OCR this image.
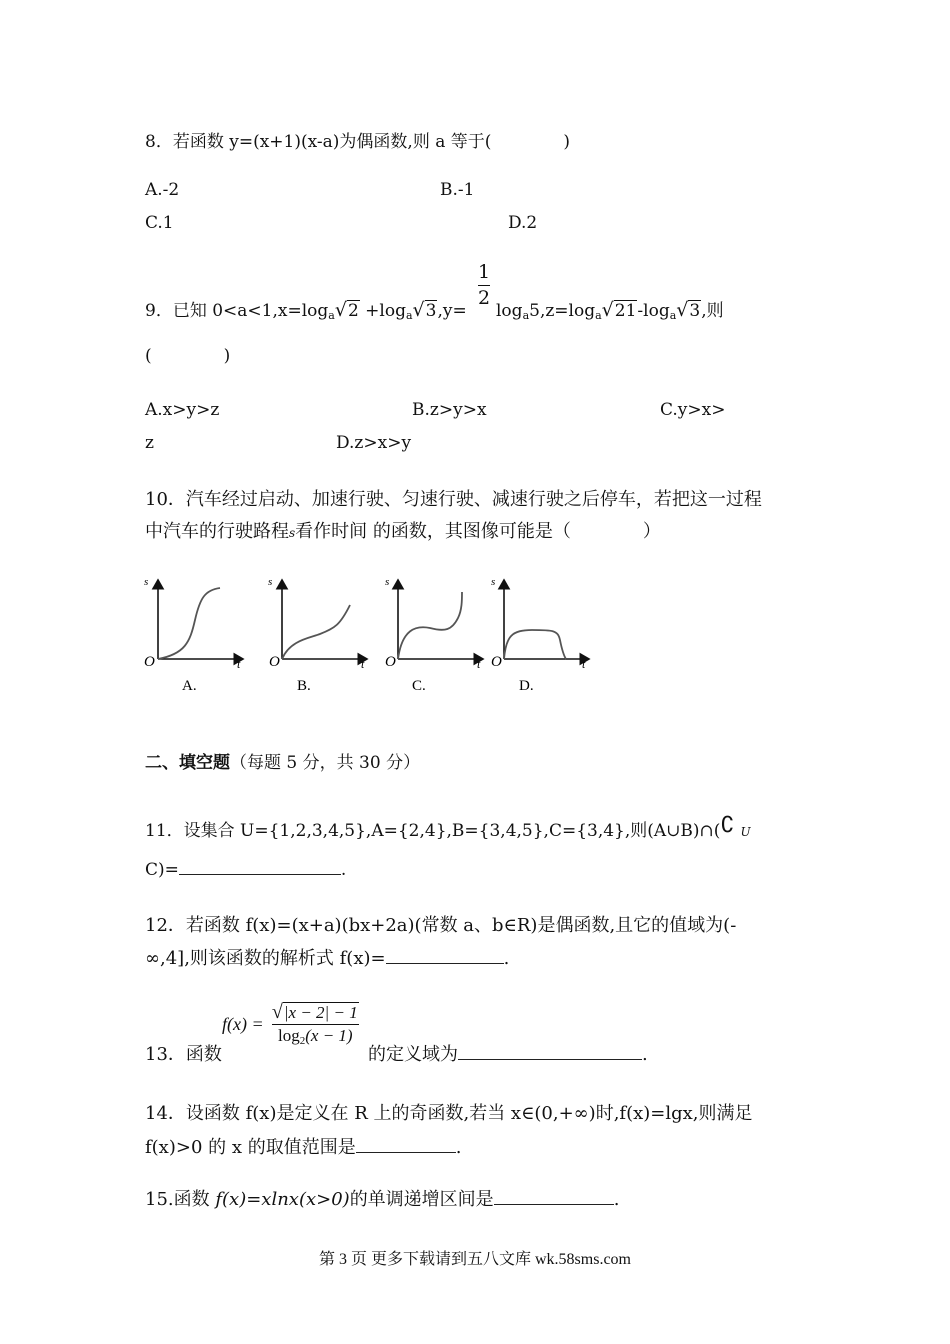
8．若函数 y=(x+1)(x-a)为偶函数,则 a 等于(	)
A.-2	B.-1
C.1	D.2
9．已知 $0<a<1,x=\log_a√2 +\log_a√3,y=$
1
2
$\log_a5,z=\log_a√21-\log_a√3$,则
(	)
A.x>y>z	B.z>y>x	C.y>x>
z	D.z>x>y
10．汽车经过启动、加速行驶、匀速行驶、减速行驶之后停车，若把这一过程
中汽车的行驶路程s看作时间 的函数，其图像可能是（	）
s
O	t
A.
s
O	t
B.
s
O	t
C.
s
O	t
D.
二、填空题（每题 5 分，共 30 分）
11．设集合 U={1,2,3,4,5},A={2,4},B={3,4,5},C={3,4},则(A∪B)∩(∁ U
C)=	.
12．若函数 f(x)=(x+a)(bx+2a)(常数 a、b∈R)是偶函数,且它的值域为(-
∞,4],则该函数的解析式 f(x)=	.
13．函数
$f(x) = \frac{√|x - 2| - 1}{\log_2(x - 1)}$
的定义域为	.
14．设函数 f(x)是定义在 R 上的奇函数,若当 x∈(0,+∞)时,f(x)=lgx,则满足
f(x)>0 的 x 的取值范围是	.
15.函数 f(x)=xlnx(x>0)的单调递增区间是	.
第 3 页 更多下载请到五八文库 wk.58sms.com
